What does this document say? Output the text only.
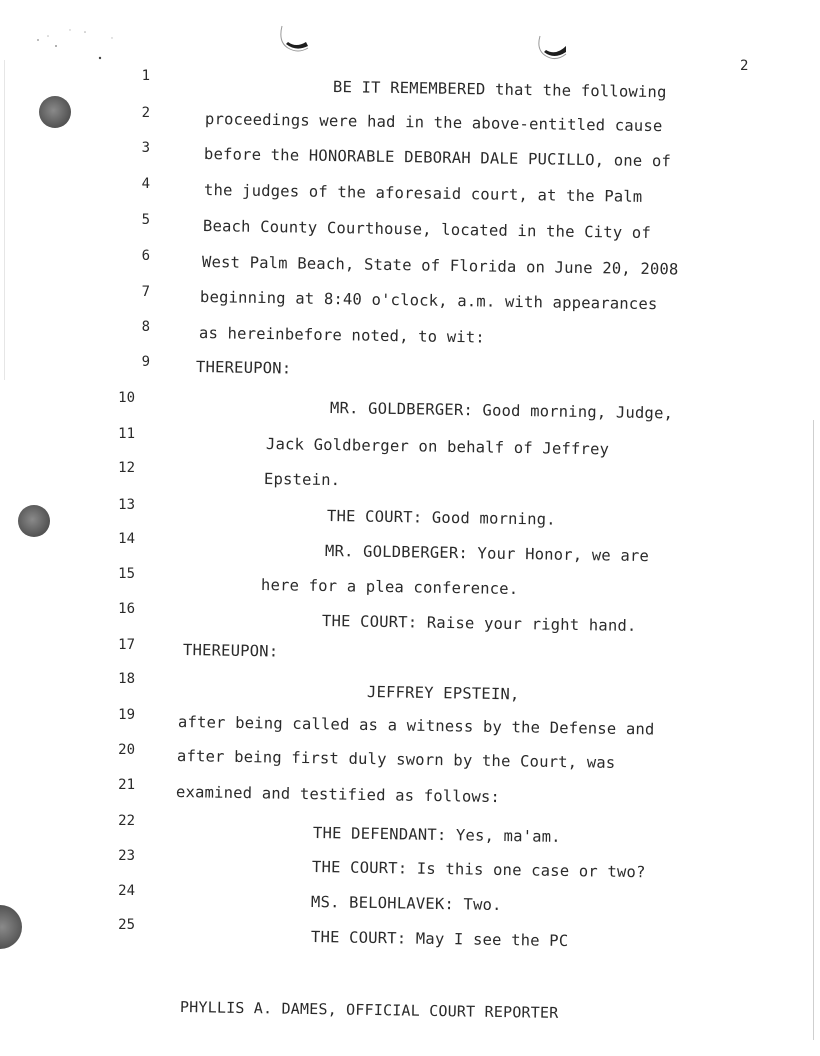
2
1
2
3
4
5
6
7
8
9
10
11
12
13
14
15
16
17
18
19
20
21
22
23
24
25
BE IT REMEMBERED that the following
proceedings were had in the above-entitled cause
before the HONORABLE DEBORAH DALE PUCILLO, one of
the judges of the aforesaid court, at the Palm
Beach County Courthouse, located in the City of
West Palm Beach, State of Florida on June 20, 2008
beginning at 8:40 o'clock, a.m. with appearances
as hereinbefore noted, to wit:
THEREUPON:
MR. GOLDBERGER: Good morning, Judge,
Jack Goldberger on behalf of Jeffrey
Epstein.
THE COURT: Good morning.
MR. GOLDBERGER: Your Honor, we are
here for a plea conference.
THE COURT: Raise your right hand.
THEREUPON:
JEFFREY EPSTEIN,
after being called as a witness by the Defense and
after being first duly sworn by the Court, was
examined and testified as follows:
THE DEFENDANT: Yes, ma'am.
THE COURT: Is this one case or two?
MS. BELOHLAVEK: Two.
THE COURT: May I see the PC
PHYLLIS A. DAMES, OFFICIAL COURT REPORTER
